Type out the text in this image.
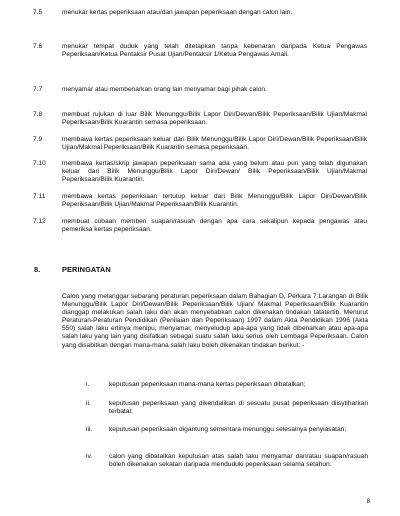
7.5	menukar kertas peperiksaan atau/dan jawapan peperiksaan dengan calon lain.
7.6	menukar tempat duduk yang telah ditetapkan tanpa kebenaran daripada Ketua Pengawas Peperiksaan/Ketua Pentaksir Pusat Ujian/Pentaksir 1/Ketua Pengawas Amali.
7.7	menyamar atau membenarkan orang lain menyamar bagi pihak calon.
7.8	membuat rujukan di luar Bilik Menunggu/Bilik Lapor Diri/Dewan/Bilik Peperiksaan/Bilik Ujian/Makmal Peperiksaan/Bilik Kuarantin semasa peperiksaan.
7.9	membawa kertas peperiksaan keluar dari Bilik Menunggu/Bilik Lapor Diri/Dewan/Bilik Peperiksaan/Bilik Ujian/Makmal Peperiksaan/Bilik Kuarantin semasa peperiksaan.
7.10 membawa kertas/skrip jawapan peperiksaan sama ada yang belum atau pun yang telah digunakan keluar dari Bilik Menunggu/Bilik Lapor Diri/Dewan/ Bilik Peperiksaan/Bilik Ujian/Makmal Peperiksaan/Bilik Kuarantin.
7.11	membawa kertas peperiksaan tertutup keluar dari Bilik Menunggu/Bilik Lapor Diri/Dewan/Bilik Peperiksaan/Bilik Ujian/Makmal Peperiksaan/Bilik Kuarantin.
7.12 membuat cubaan memberi suapan/rasuah dengan apa cara sekalipun kepada pengawas atau pemeriksa kertas peperiksaan.
8.	PERINGATAN
Calon yang melanggar sebarang peraturan peperiksaan dalam Bahagian D, Perkara 7 Larangan di Bilik Menunggu/Bilik Lapor Diri/Dewan/Bilik Peperiksaan/Bilik Ujian/ Makmal Peperiksaan/Bilik Kuarantin dianggap melakukan salah laku dan akan menyebabkan calon dikenakan tindakan tatatertib. Menurut Peraturan-Peraturan Pendidikan (Penilaian dan Peperiksaan) 1997 dalam Akta Pendidikan 1996 (Akta 550) salah laku ertinya menipu, menyamar, menyeludup apa-apa yang tidak dibenarkan atau apa-apa salah laku yang lain yang disifatkan sebagai suatu salah laku serius oleh Lembaga Peperiksaan. Calon yang disabitkan dengan mana-mana salah laku boleh dikenakan tindakan berikut: -
i.	keputusan peperiksaan mana-mana kertas peperiksaan dibatalkan;
ii.	keputusan peperiksaan yang dikendalikan di sesuatu pusat peperiksaan diisytiharkan terbatal;
iii.	keputusan peperiksaan digantung sementara menunggu selesainya penyiasatan;
iv.	calon yang dibatalkan keputusan atas salah laku menyamar dan/atau suapan/rasuah boleh dikenakan sekatan daripada menduduki peperiksaan selama setahun.
8
